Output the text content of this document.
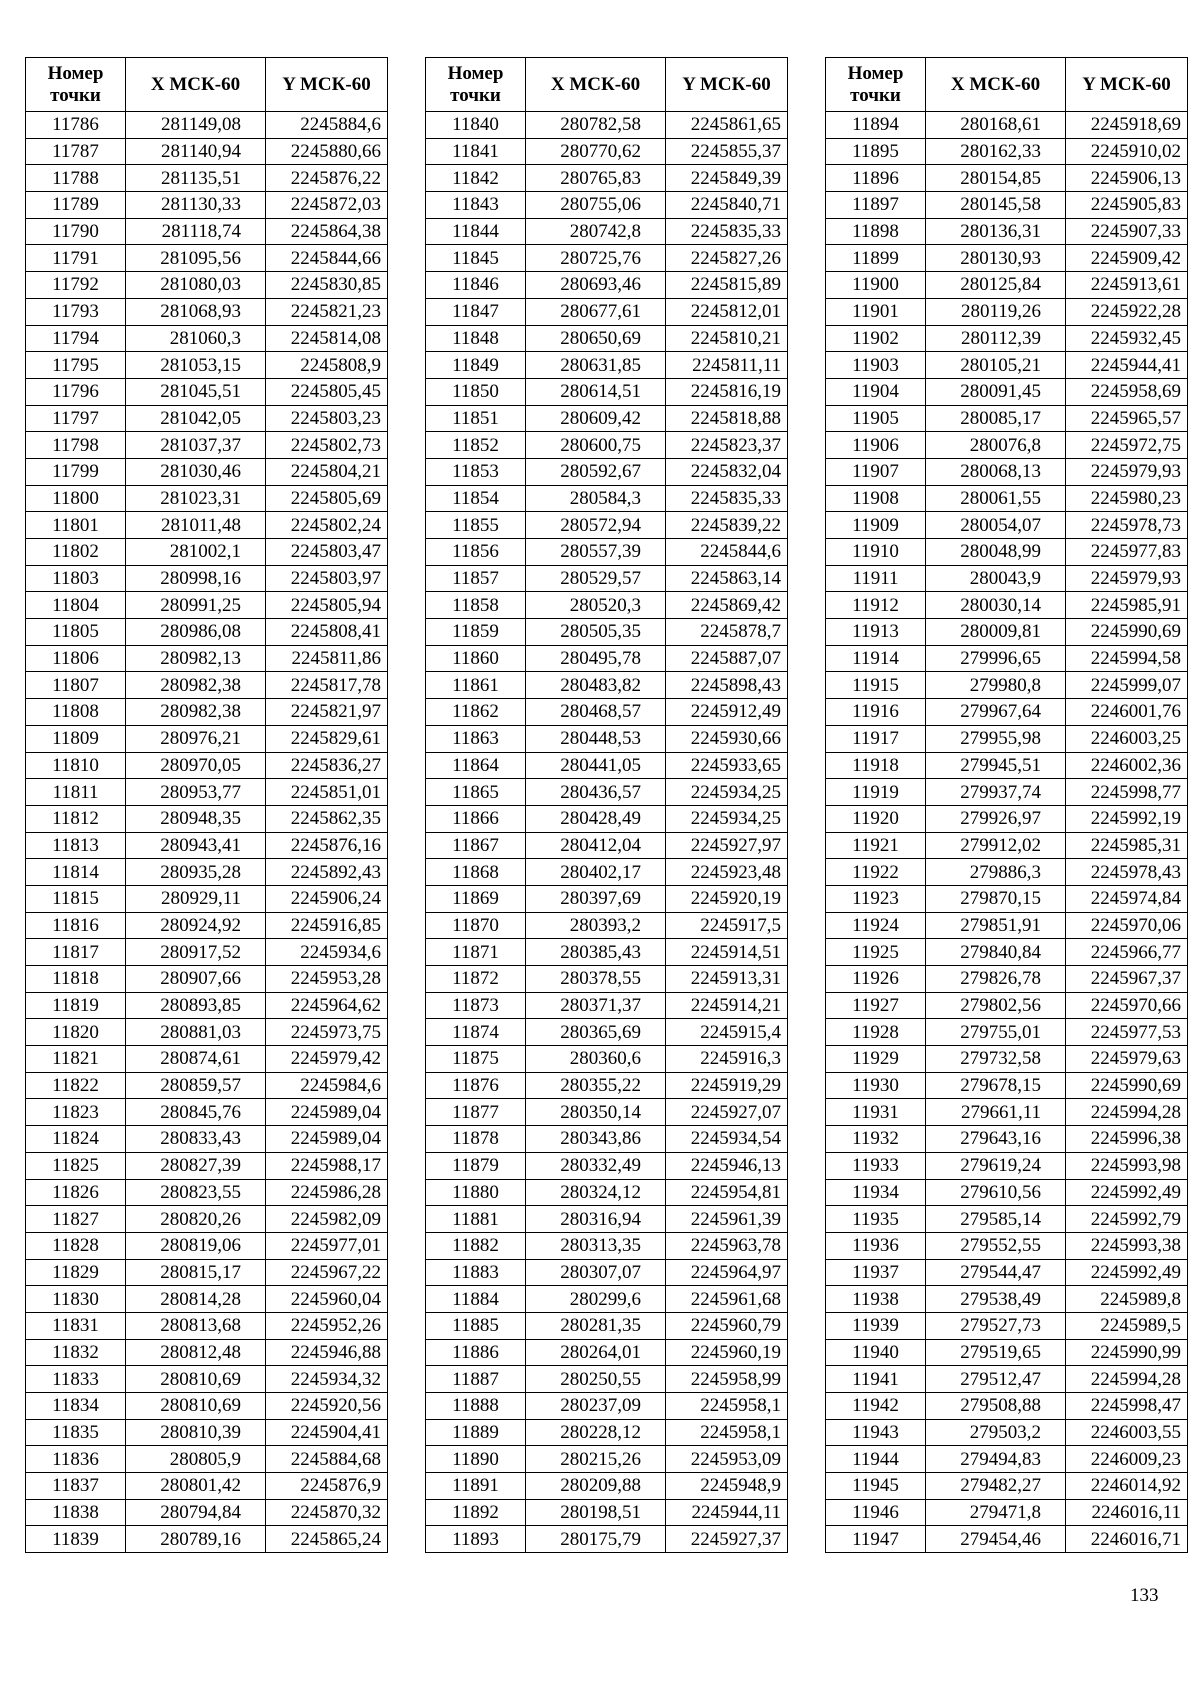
Номер
точки	X МСК-60	Y МСК-60
11786	281149,08	2245884,6
11787	281140,94	2245880,66
11788	281135,51	2245876,22
11789	281130,33	2245872,03
11790	281118,74	2245864,38
11791	281095,56	2245844,66
11792	281080,03	2245830,85
11793	281068,93	2245821,23
11794	281060,3	2245814,08
11795	281053,15	2245808,9
11796	281045,51	2245805,45
11797	281042,05	2245803,23
11798	281037,37	2245802,73
11799	281030,46	2245804,21
11800	281023,31	2245805,69
11801	281011,48	2245802,24
11802	281002,1	2245803,47
11803	280998,16	2245803,97
11804	280991,25	2245805,94
11805	280986,08	2245808,41
11806	280982,13	2245811,86
11807	280982,38	2245817,78
11808	280982,38	2245821,97
11809	280976,21	2245829,61
11810	280970,05	2245836,27
11811	280953,77	2245851,01
11812	280948,35	2245862,35
11813	280943,41	2245876,16
11814	280935,28	2245892,43
11815	280929,11	2245906,24
11816	280924,92	2245916,85
11817	280917,52	2245934,6
11818	280907,66	2245953,28
11819	280893,85	2245964,62
11820	280881,03	2245973,75
11821	280874,61	2245979,42
11822	280859,57	2245984,6
11823	280845,76	2245989,04
11824	280833,43	2245989,04
11825	280827,39	2245988,17
11826	280823,55	2245986,28
11827	280820,26	2245982,09
11828	280819,06	2245977,01
11829	280815,17	2245967,22
11830	280814,28	2245960,04
11831	280813,68	2245952,26
11832	280812,48	2245946,88
11833	280810,69	2245934,32
11834	280810,69	2245920,56
11835	280810,39	2245904,41
11836	280805,9	2245884,68
11837	280801,42	2245876,9
11838	280794,84	2245870,32
11839	280789,16	2245865,24
Номер
точки	X МСК-60	Y МСК-60
11840	280782,58	2245861,65
11841	280770,62	2245855,37
11842	280765,83	2245849,39
11843	280755,06	2245840,71
11844	280742,8	2245835,33
11845	280725,76	2245827,26
11846	280693,46	2245815,89
11847	280677,61	2245812,01
11848	280650,69	2245810,21
11849	280631,85	2245811,11
11850	280614,51	2245816,19
11851	280609,42	2245818,88
11852	280600,75	2245823,37
11853	280592,67	2245832,04
11854	280584,3	2245835,33
11855	280572,94	2245839,22
11856	280557,39	2245844,6
11857	280529,57	2245863,14
11858	280520,3	2245869,42
11859	280505,35	2245878,7
11860	280495,78	2245887,07
11861	280483,82	2245898,43
11862	280468,57	2245912,49
11863	280448,53	2245930,66
11864	280441,05	2245933,65
11865	280436,57	2245934,25
11866	280428,49	2245934,25
11867	280412,04	2245927,97
11868	280402,17	2245923,48
11869	280397,69	2245920,19
11870	280393,2	2245917,5
11871	280385,43	2245914,51
11872	280378,55	2245913,31
11873	280371,37	2245914,21
11874	280365,69	2245915,4
11875	280360,6	2245916,3
11876	280355,22	2245919,29
11877	280350,14	2245927,07
11878	280343,86	2245934,54
11879	280332,49	2245946,13
11880	280324,12	2245954,81
11881	280316,94	2245961,39
11882	280313,35	2245963,78
11883	280307,07	2245964,97
11884	280299,6	2245961,68
11885	280281,35	2245960,79
11886	280264,01	2245960,19
11887	280250,55	2245958,99
11888	280237,09	2245958,1
11889	280228,12	2245958,1
11890	280215,26	2245953,09
11891	280209,88	2245948,9
11892	280198,51	2245944,11
11893	280175,79	2245927,37
Номер
точки	X МСК-60	Y МСК-60
11894	280168,61	2245918,69
11895	280162,33	2245910,02
11896	280154,85	2245906,13
11897	280145,58	2245905,83
11898	280136,31	2245907,33
11899	280130,93	2245909,42
11900	280125,84	2245913,61
11901	280119,26	2245922,28
11902	280112,39	2245932,45
11903	280105,21	2245944,41
11904	280091,45	2245958,69
11905	280085,17	2245965,57
11906	280076,8	2245972,75
11907	280068,13	2245979,93
11908	280061,55	2245980,23
11909	280054,07	2245978,73
11910	280048,99	2245977,83
11911	280043,9	2245979,93
11912	280030,14	2245985,91
11913	280009,81	2245990,69
11914	279996,65	2245994,58
11915	279980,8	2245999,07
11916	279967,64	2246001,76
11917	279955,98	2246003,25
11918	279945,51	2246002,36
11919	279937,74	2245998,77
11920	279926,97	2245992,19
11921	279912,02	2245985,31
11922	279886,3	2245978,43
11923	279870,15	2245974,84
11924	279851,91	2245970,06
11925	279840,84	2245966,77
11926	279826,78	2245967,37
11927	279802,56	2245970,66
11928	279755,01	2245977,53
11929	279732,58	2245979,63
11930	279678,15	2245990,69
11931	279661,11	2245994,28
11932	279643,16	2245996,38
11933	279619,24	2245993,98
11934	279610,56	2245992,49
11935	279585,14	2245992,79
11936	279552,55	2245993,38
11937	279544,47	2245992,49
11938	279538,49	2245989,8
11939	279527,73	2245989,5
11940	279519,65	2245990,99
11941	279512,47	2245994,28
11942	279508,88	2245998,47
11943	279503,2	2246003,55
11944	279494,83	2246009,23
11945	279482,27	2246014,92
11946	279471,8	2246016,11
11947	279454,46	2246016,71
133
